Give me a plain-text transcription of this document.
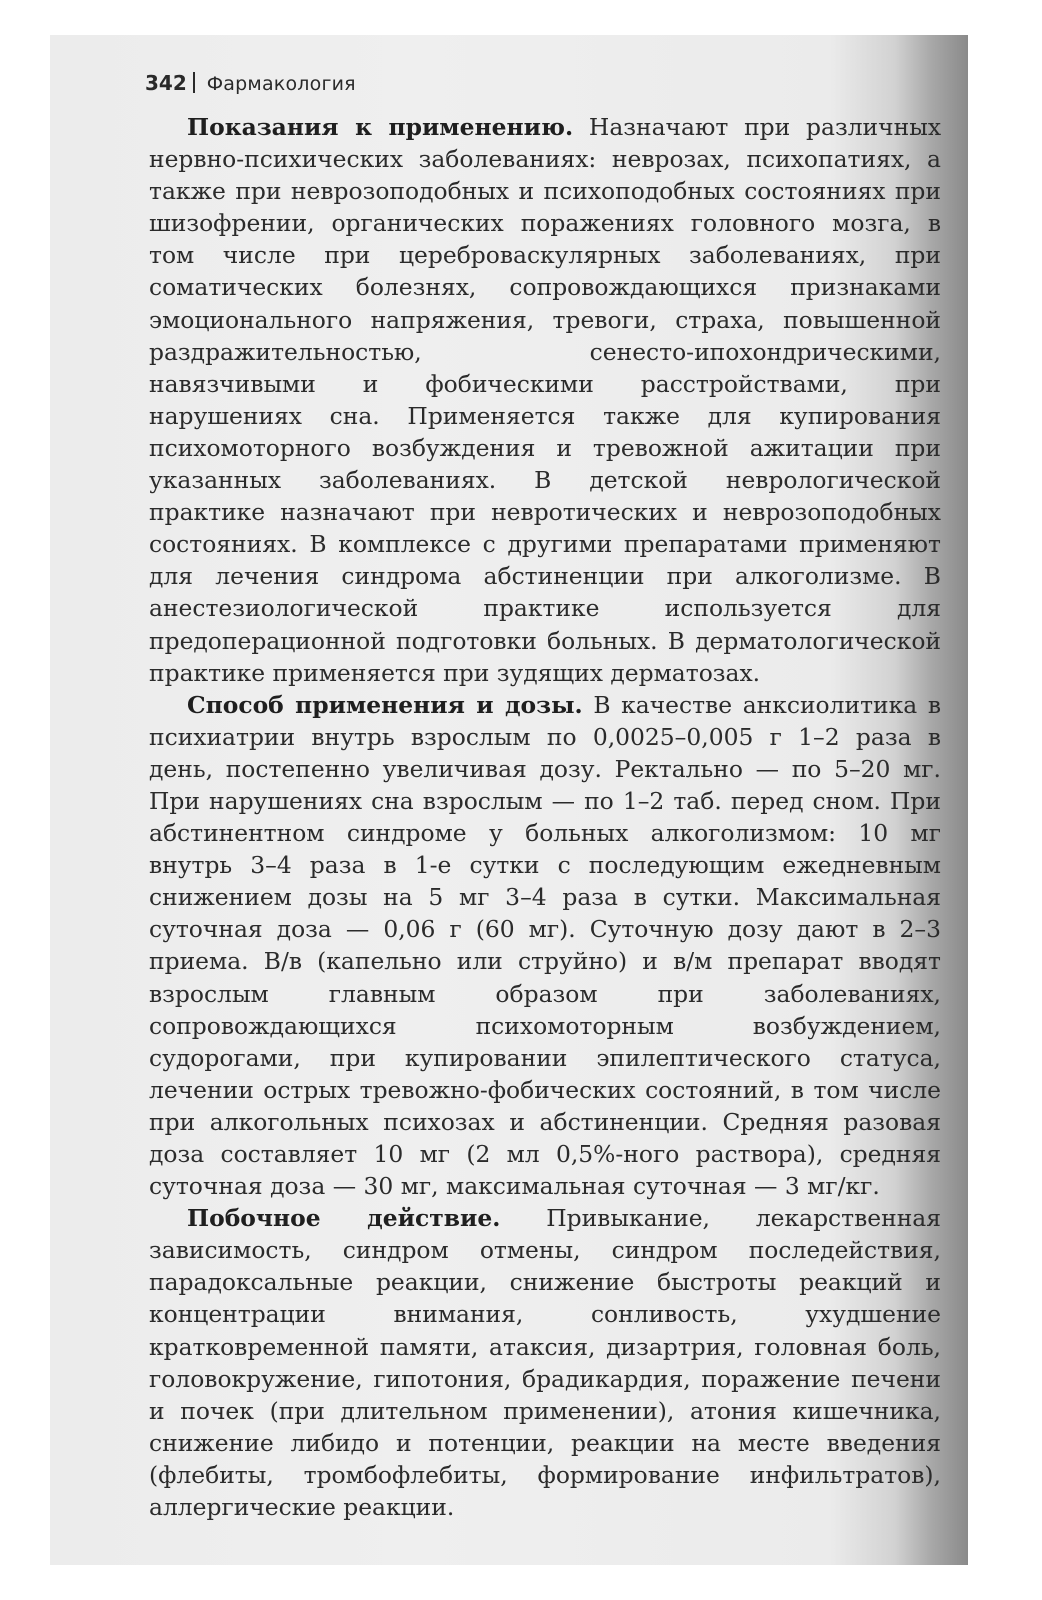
342 Фармакология

Показания к применению. Назначают при различных нервно-психических заболеваниях: неврозах, психопатиях, а также при неврозоподобных и психоподобных состояниях при шизофрении, органических поражениях головного мозга, в том числе при цереброваскулярных заболеваниях, при соматических болезнях, сопровождающихся признаками эмоционального напряжения, тревоги, страха, повышенной раздражительностью, сенесто-ипохондрическими, навязчивыми и фобическими расстройствами, при нарушениях сна. Применяется также для купирования психомоторного возбуждения и тревожной ажитации при указанных заболеваниях. В детской неврологической практике назначают при невротических и неврозоподобных состояниях. В комплексе с другими препаратами применяют для лечения синдрома абстиненции при алкоголизме. В анестезиологической практике используется для предоперационной подготовки больных. В дерматологической практике применяется при зудящих дерматозах.

Способ применения и дозы. В качестве анксиолитика в психиатрии внутрь взрослым по 0,0025–0,005 г 1–2 раза в день, постепенно увеличивая дозу. Ректально — по 5–20 мг. При нарушениях сна взрослым — по 1–2 таб. перед сном. При абстинентном синдроме у больных алкоголизмом: 10 мг внутрь 3–4 раза в 1-е сутки с последующим ежедневным снижением дозы на 5 мг 3–4 раза в сутки. Максимальная суточная доза — 0,06 г (60 мг). Суточную дозу дают в 2–3 приема. В/в (капельно или струйно) и в/м препарат вводят взрослым главным образом при заболеваниях, сопровождающихся психомоторным возбуждением, судорогами, при купировании эпилептического статуса, лечении острых тревожно-фобических состояний, в том числе при алкогольных психозах и абстиненции. Средняя разовая доза составляет 10 мг (2 мл 0,5%-ного раствора), средняя суточная доза — 30 мг, максимальная суточная — 3 мг/кг.

Побочное действие. Привыкание, лекарственная зависимость, синдром отмены, синдром последействия, парадоксальные реакции, снижение быстроты реакций и концентрации внимания, сонливость, ухудшение кратковременной памяти, атаксия, дизартрия, головная боль, головокружение, гипотония, брадикардия, поражение печени и почек (при длительном применении), атония кишечника, снижение либидо и потенции, реакции на месте введения (флебиты, тромбофлебиты, формирование инфильтратов), аллергические реакции.
